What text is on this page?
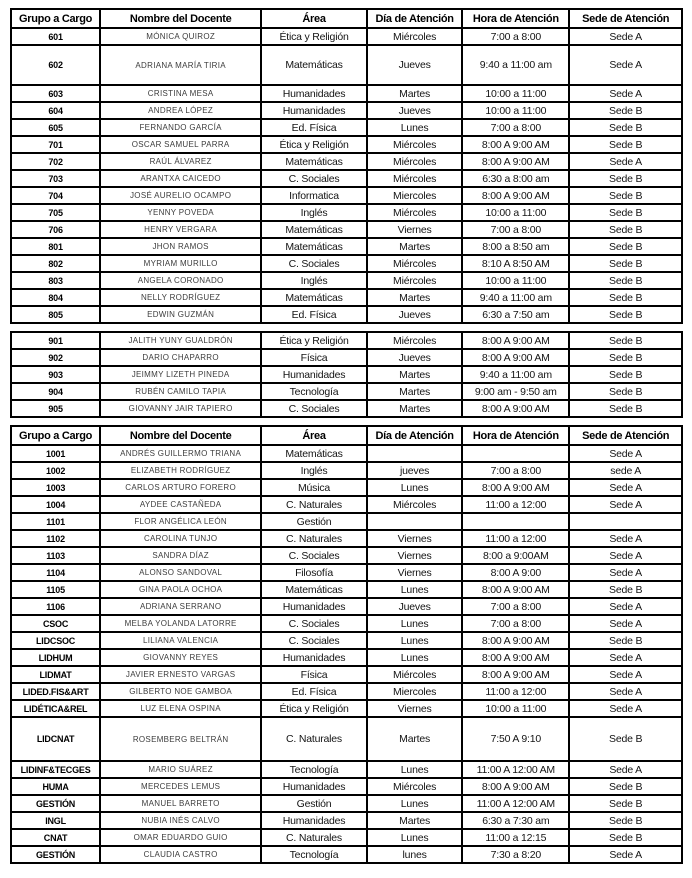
Grupo a Cargo	Nombre del Docente	Área	Día de Atención	Hora de Atención	Sede de Atención
601	MÓNICA QUIROZ	Ética y Religión	Miércoles	7:00 a 8:00	Sede A
602	ADRIANA MARÍA TIRIA	Matemáticas	Jueves	9:40 a 11:00 am	Sede A
603	CRISTINA MESA	Humanidades	Martes	10:00 a 11:00	Sede A
604	ANDREA LÓPEZ	Humanidades	Jueves	10:00 a 11:00	Sede B
605	FERNANDO GARCÍA	Ed. Física	Lunes	7:00 a 8:00	Sede B
701	OSCAR SAMUEL PARRA	Ética y Religión	Miércoles	8:00 A 9:00 AM	Sede B
702	RAÚL ÁLVAREZ	Matemáticas	Miércoles	8:00 A 9:00 AM	Sede A
703	ARANTXA CAICEDO	C. Sociales	Miércoles	6:30 a 8:00 am	Sede B
704	JOSÉ AURELIO OCAMPO	Informatica	Miercoles	8:00 A 9:00 AM	Sede B
705	YENNY POVEDA	Inglés	Miércoles	10:00 a 11:00	Sede B
706	HENRY VERGARA	Matemáticas	Viernes	7:00 a 8:00	Sede B
801	JHON RAMOS	Matemáticas	Martes	8:00 a 8:50 am	Sede B
802	MYRIAM MURILLO	C. Sociales	Miércoles	8:10 A 8:50 AM	Sede B
803	ANGELA CORONADO	Inglés	Miércoles	10:00 a 11:00	Sede B
804	NELLY RODRÍGUEZ	Matemáticas	Martes	9:40 a 11:00 am	Sede B
805	EDWIN GUZMÁN	Ed. Física	Jueves	6:30 a 7:50 am	Sede B
901	JALITH YUNY GUALDRÓN	Ética y Religión	Miércoles	8:00 A 9:00 AM	Sede B
902	DARIO CHAPARRO	Física	Jueves	8:00 A 9:00 AM	Sede B
903	JEIMMY LIZETH PINEDA	Humanidades	Martes	9:40 a 11:00 am	Sede B
904	RUBÉN CAMILO TAPIA	Tecnología	Martes	9:00 am - 9:50 am	Sede B
905	GIOVANNY JAIR TAPIERO	C. Sociales	Martes	8:00 A 9:00 AM	Sede B
Grupo a Cargo	Nombre del Docente	Área	Día de Atención	Hora de Atención	Sede de Atención
1001	ANDRÉS GUILLERMO TRIANA	Matemáticas			Sede A
1002	ELIZABETH RODRÍGUEZ	Inglés	jueves	7:00 a 8:00	sede A
1003	CARLOS ARTURO FORERO	Música	Lunes	8:00 A 9:00 AM	Sede A
1004	AYDEE CASTAÑEDA	C. Naturales	Miércoles	11:00 a 12:00	Sede A
1101	FLOR ANGÉLICA LEÓN	Gestión			
1102	CAROLINA TUNJO	C. Naturales	Viernes	11:00 a 12:00	Sede A
1103	SANDRA DÍAZ	C. Sociales	Viernes	8:00 a 9:00AM	Sede A
1104	ALONSO SANDOVAL	Filosofía	Viernes	8:00 A 9:00	Sede A
1105	GINA PAOLA OCHOA	Matemáticas	Lunes	8:00 A 9:00 AM	Sede B
1106	ADRIANA SERRANO	Humanidades	Jueves	7:00 a 8:00	Sede A
CSOC	MELBA YOLANDA LATORRE	C. Sociales	Lunes	7:00 a 8:00	Sede A
LIDCSOC	LILIANA VALENCIA	C. Sociales	Lunes	8:00 A 9:00 AM	Sede B
LIDHUM	GIOVANNY REYES	Humanidades	Lunes	8:00 A 9:00 AM	Sede A
LIDMAT	JAVIER ERNESTO VARGAS	Física	Miércoles	8:00 A 9:00 AM	Sede A
LIDED.FIS&ART	GILBERTO NOE GAMBOA	Ed. Física	Miercoles	11:00 a 12:00	Sede A
LIDÉTICA&REL	LUZ ELENA OSPINA	Ética y Religión	Viernes	10:00 a 11:00	Sede A
LIDCNAT	ROSEMBERG BELTRÁN	C. Naturales	Martes	7:50 A 9:10	Sede B
LIDINF&TECGES	MARIO SUÁREZ	Tecnología	Lunes	11:00 A 12:00 AM	Sede A
HUMA	MERCEDES LEMUS	Humanidades	Miércoles	8:00 A 9:00 AM	Sede B
GESTIÓN	MANUEL BARRETO	Gestión	Lunes	11:00 A 12:00 AM	Sede B
INGL	NUBIA INÉS CALVO	Humanidades	Martes	6:30 a 7:30 am	Sede B
CNAT	OMAR EDUARDO GUIO	C. Naturales	Lunes	11:00 a 12:15	Sede B
GESTIÓN	CLAUDIA CASTRO	Tecnología	lunes	7:30 a 8:20	Sede A
